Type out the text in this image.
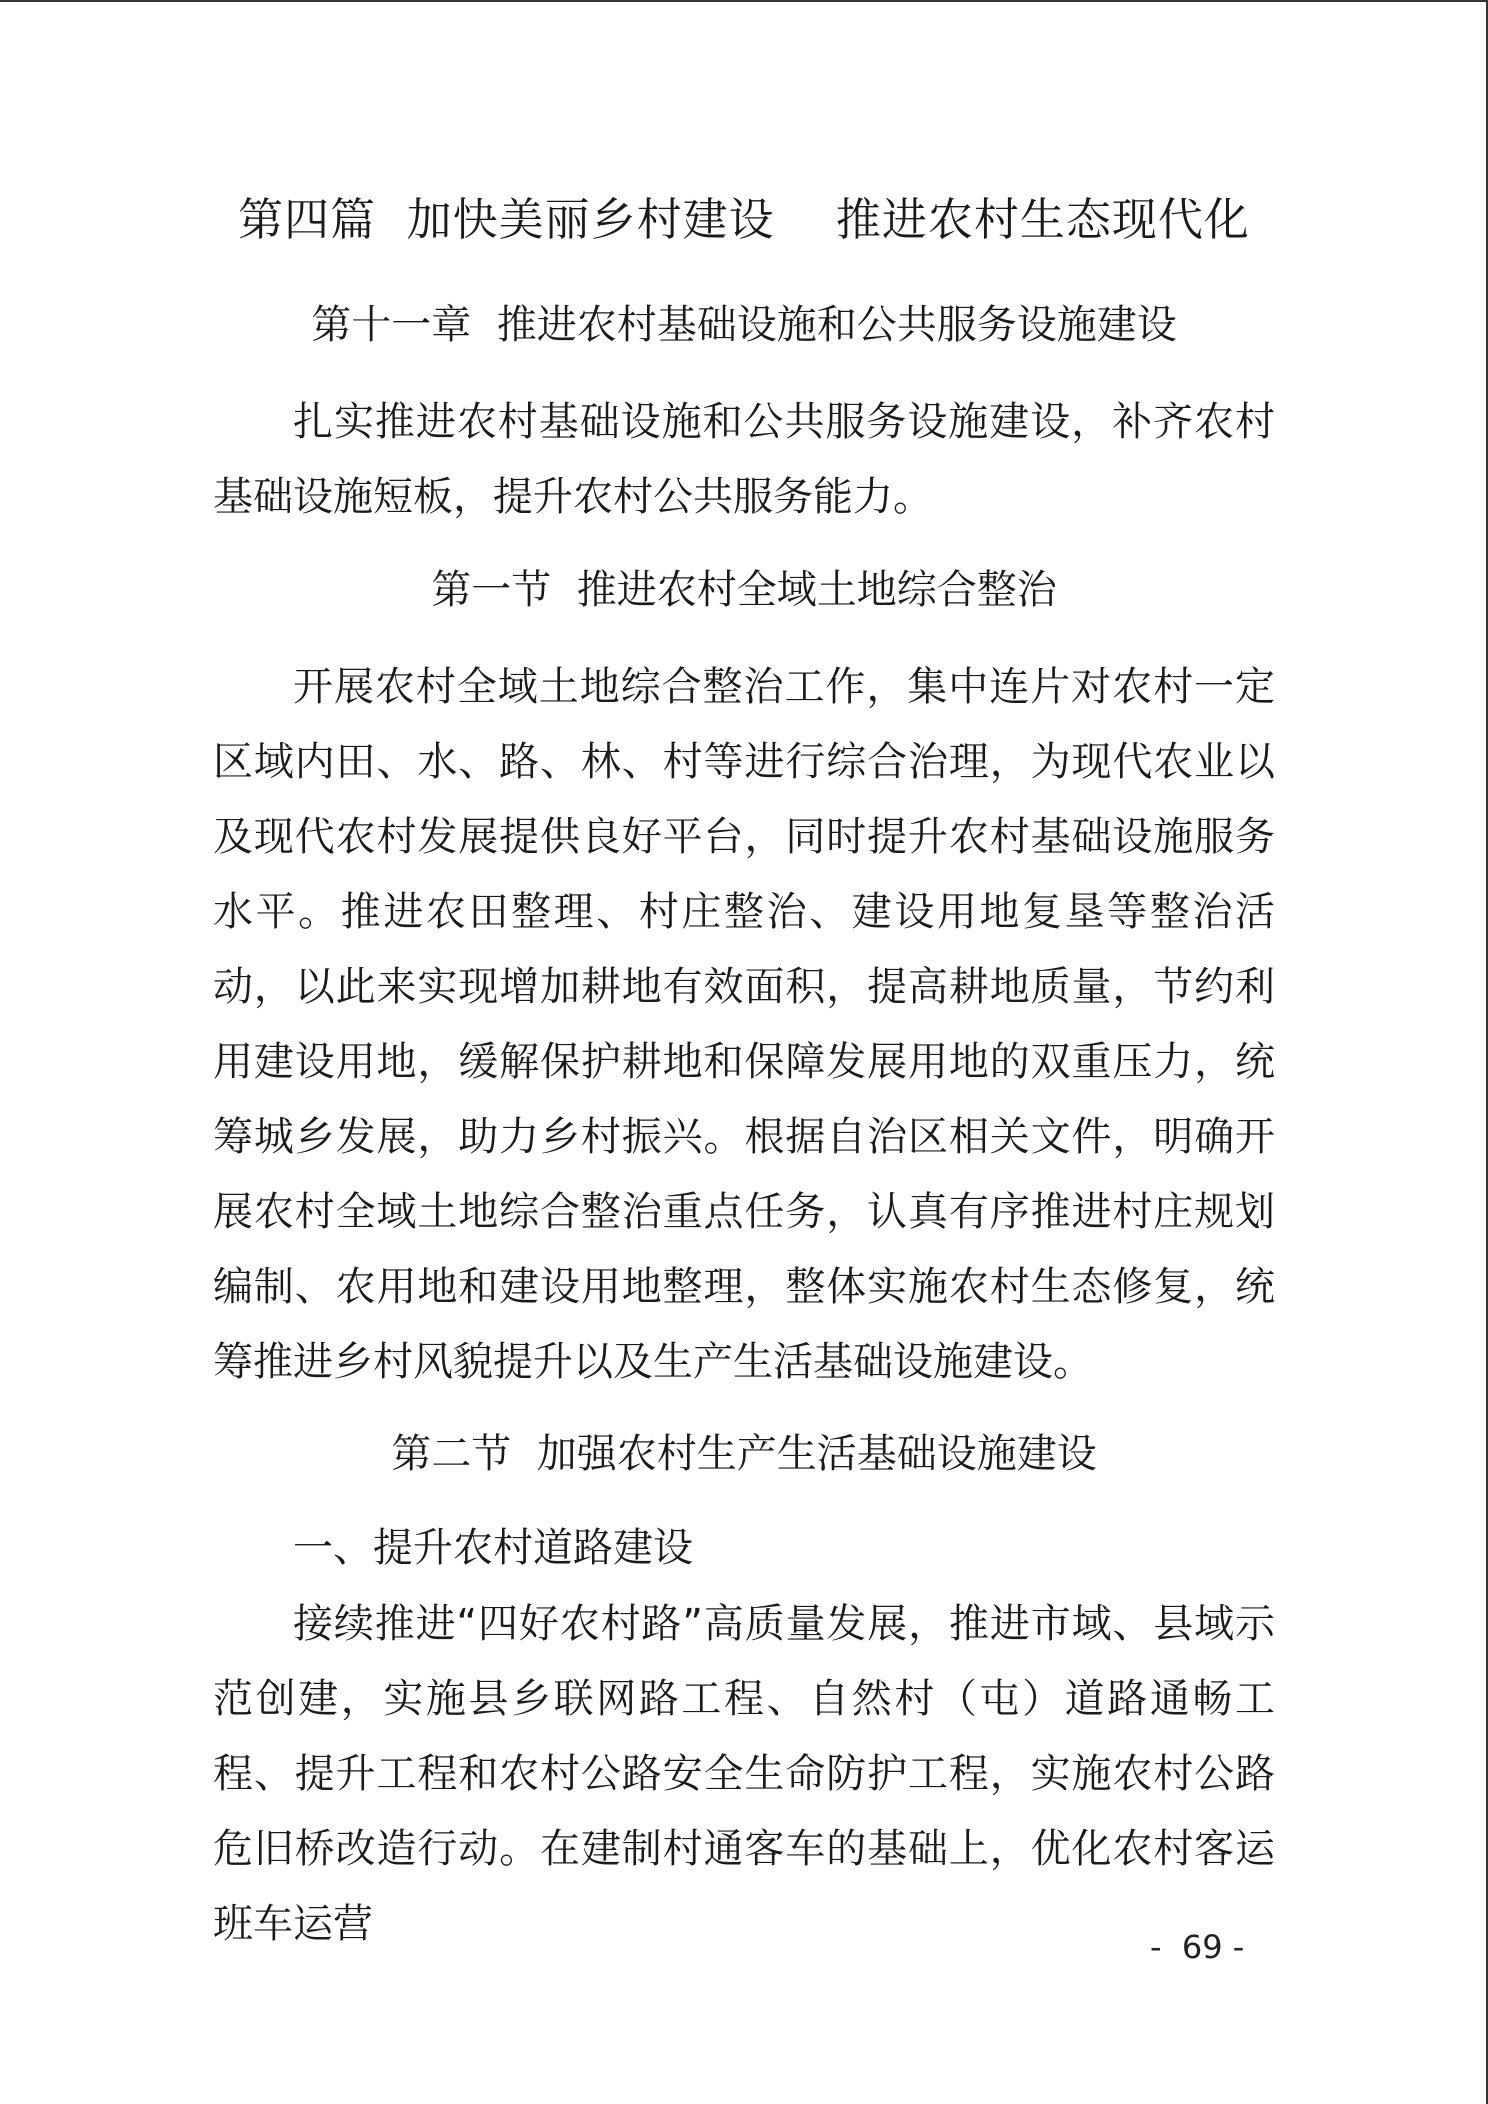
第四篇  加快美丽乡村建设    推进农村生态现代化
第十一章  推进农村基础设施和公共服务设施建设
扎实推进农村基础设施和公共服务设施建设，补齐农村基础设施短板，提升农村公共服务能力。
第一节  推进农村全域土地综合整治
开展农村全域土地综合整治工作，集中连片对农村一定区域内田、水、路、林、村等进行综合治理，为现代农业以及现代农村发展提供良好平台，同时提升农村基础设施服务水平。推进农田整理、村庄整治、建设用地复垦等整治活动，以此来实现增加耕地有效面积，提高耕地质量，节约利用建设用地，缓解保护耕地和保障发展用地的双重压力，统筹城乡发展，助力乡村振兴。根据自治区相关文件，明确开展农村全域土地综合整治重点任务，认真有序推进村庄规划编制、农用地和建设用地整理，整体实施农村生态修复，统筹推进乡村风貌提升以及生产生活基础设施建设。
第二节  加强农村生产生活基础设施建设
一、提升农村道路建设
接续推进“四好农村路”高质量发展，推进市域、县域示范创建，实施县乡联网路工程、自然村（屯）道路通畅工程、提升工程和农村公路安全生命防护工程，实施农村公路危旧桥改造行动。在建制村通客车的基础上，优化农村客运班车运营	-  69 -
